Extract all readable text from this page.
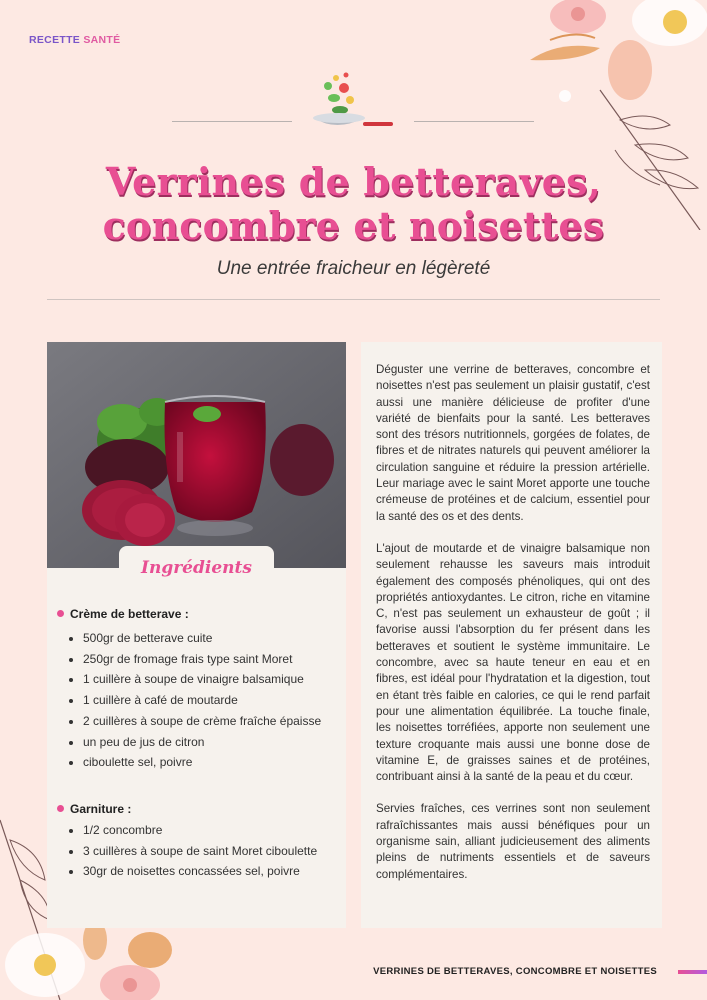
RECETTE SANTÉ
Verrines de betteraves,
concombre et noisettes
Une entrée fraicheur en légèreté
Ingrédients
Crème de betterave :
• 500gr de betterave cuite
• 250gr de fromage frais type saint Moret
• 1 cuillère à soupe de vinaigre balsamique
• 1 cuillère à café de moutarde
• 2 cuillères à soupe de crème fraîche épaisse
• un peu de jus de citron
• ciboulette sel, poivre
Garniture :
• 1/2 concombre
• 3 cuillères à soupe de saint Moret ciboulette
• 30gr de noisettes concassées sel, poivre

Déguster une verrine de betteraves, concombre et noisettes n'est pas seulement un plaisir gustatif, c'est aussi une manière délicieuse de profiter d'une variété de bienfaits pour la santé. Les betteraves sont des trésors nutritionnels, gorgées de folates, de fibres et de nitrates naturels qui peuvent améliorer la circulation sanguine et réduire la pression artérielle. Leur mariage avec le saint Moret apporte une touche crémeuse de protéines et de calcium, essentiel pour la santé des os et des dents.

L'ajout de moutarde et de vinaigre balsamique non seulement rehausse les saveurs mais introduit également des composés phénoliques, qui ont des propriétés antioxydantes. Le citron, riche en vitamine C, n'est pas seulement un exhausteur de goût ; il favorise aussi l'absorption du fer présent dans les betteraves et soutient le système immunitaire. Le concombre, avec sa haute teneur en eau et en fibres, est idéal pour l'hydratation et la digestion, tout en étant très faible en calories, ce qui le rend parfait pour une alimentation équilibrée. La touche finale, les noisettes torréfiées, apporte non seulement une texture croquante mais aussi une bonne dose de vitamine E, de graisses saines et de protéines, contribuant ainsi à la santé de la peau et du cœur.

Servies fraîches, ces verrines sont non seulement rafraîchissantes mais aussi bénéfiques pour un organisme sain, alliant judicieusement des aliments pleins de nutriments essentiels et de saveurs complémentaires.

VERRINES DE BETTERAVES, CONCOMBRE ET NOISETTES
